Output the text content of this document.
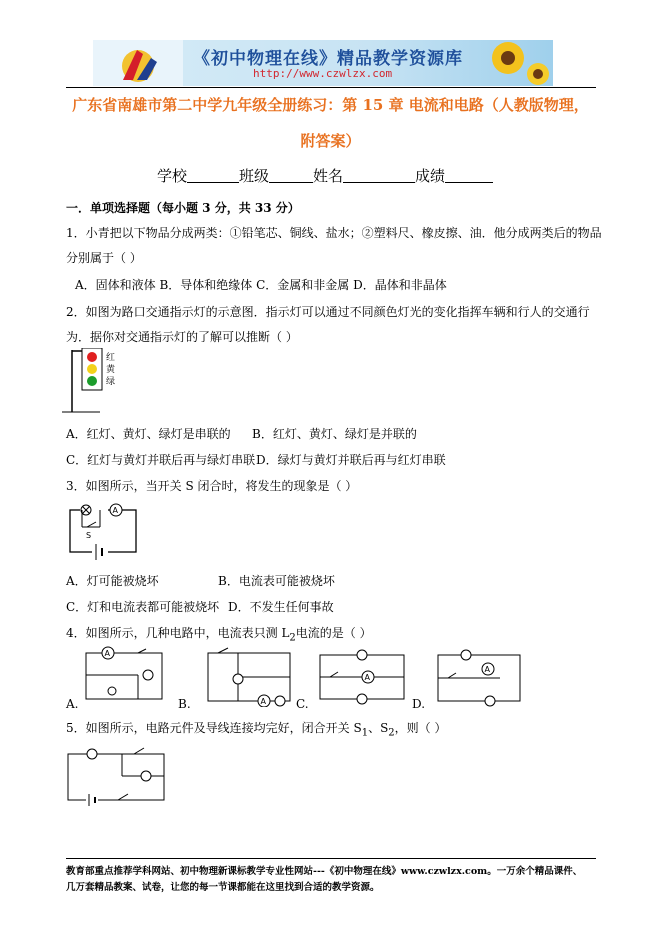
《初中物理在线》精品教学资源库
http://www.czwlzx.com
广东省南雄市第二中学九年级全册练习：第 15 章 电流和电路（人教版物理，
附答案）
学校	班级	姓名	成绩
一．单项选择题（每小题 3 分，共 33 分）
1．小青把以下物品分成两类：①铅笔芯、铜线、盐水；②塑料尺、橡皮擦、油．他分成两类后的物品
分别属于（ ）
A．固体和液体 B．导体和绝缘体 C．金属和非金属 D．晶体和非晶体
2．如图为路口交通指示灯的示意图．指示灯可以通过不同颜色灯光的变化指挥车辆和行人的交通行
为．据你对交通指示灯的了解可以推断（ ）
红
黄
绿
A．红灯、黄灯、绿灯是串联的 B．红灯、黄灯、绿灯是并联的
C．红灯与黄灯并联后再与绿灯串联 D．绿灯与黄灯并联后再与红灯串联
3．如图所示，当开关 S 闭合时，将发生的现象是（ ）
A
S
A．灯可能被烧坏	B．电流表可能被烧坏
C．灯和电流表都可能被烧坏 D．不发生任何事故
4．如图所示，几种电路中，电流表只测 $L_2$电流的是（ ）
A.
A
B.	A	C.
A
D.
A
5．如图所示，电路元件及导线连接均完好，闭合开关 $S_1$、$S_2$，则（ ）
教育部重点推荐学科网站、初中物理新课标教学专业性网站---《初中物理在线》www.czwlzx.com。一万余个精品课件、
几万套精品教案、试卷，让您的每一节课都能在这里找到合适的教学资源。
